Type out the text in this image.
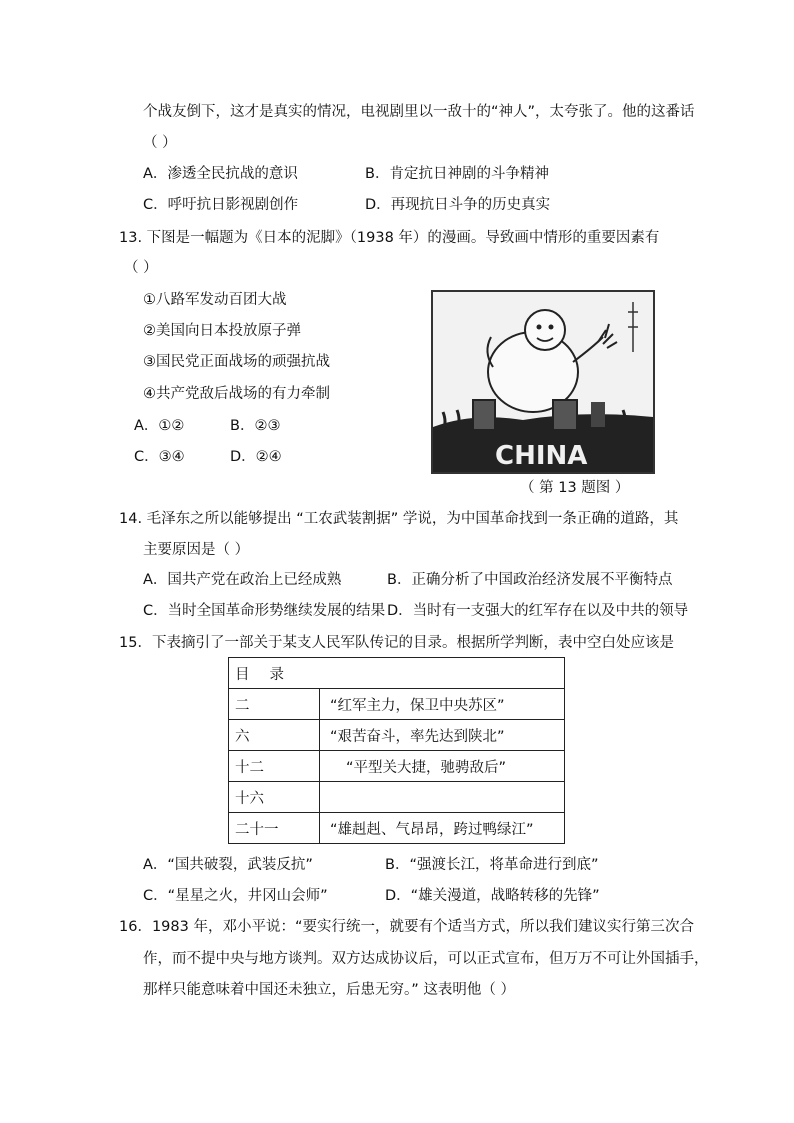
个战友倒下，这才是真实的情况，电视剧里以一敌十的“神人”，太夸张了。他的这番话
（ ）
A．渗透全民抗战的意识	B．肯定抗日神剧的斗争精神
C．呼吁抗日影视剧创作	D．再现抗日斗争的历史真实
13. 下图是一幅题为《日本的泥脚》（1938 年）的漫画。导致画中情形的重要因素有
（ ）
①八路军发动百团大战
②美国向日本投放原子弹
③国民党正面战场的顽强抗战
④共产党敌后战场的有力牵制
A．①②	B．②③
C．③④	D．②④	CHINA
（ 第 13 题图 ）
14. 毛泽东之所以能够提出 “工农武装割据” 学说，为中国革命找到一条正确的道路，其
主要原因是（ ）
A．国共产党在政治上已经成熟	B．正确分析了中国政治经济发展不平衡特点
C．当时全国革命形势继续发展的结果 D．当时有一支强大的红军存在以及中共的领导
15．下表摘引了一部关于某支人民军队传记的目录。根据所学判断，表中空白处应该是
目录	
二	“红军主力，保卫中央苏区”
六	“艰苦奋斗，率先达到陕北”
十二	“平型关大捷，驰骋敌后”
十六	
二十一	“雄赳赳、气昂昂，跨过鸭绿江”
A．“国共破裂，武装反抗”	B．“强渡长江，将革命进行到底”
C．“星星之火，井冈山会师”	D．“雄关漫道，战略转移的先锋”
16．1983 年，邓小平说：“要实行统一，就要有个适当方式，所以我们建议实行第三次合
作，而不提中央与地方谈判。双方达成协议后，可以正式宣布，但万万不可让外国插手，
那样只能意味着中国还未独立，后患无穷。” 这表明他（ ）
